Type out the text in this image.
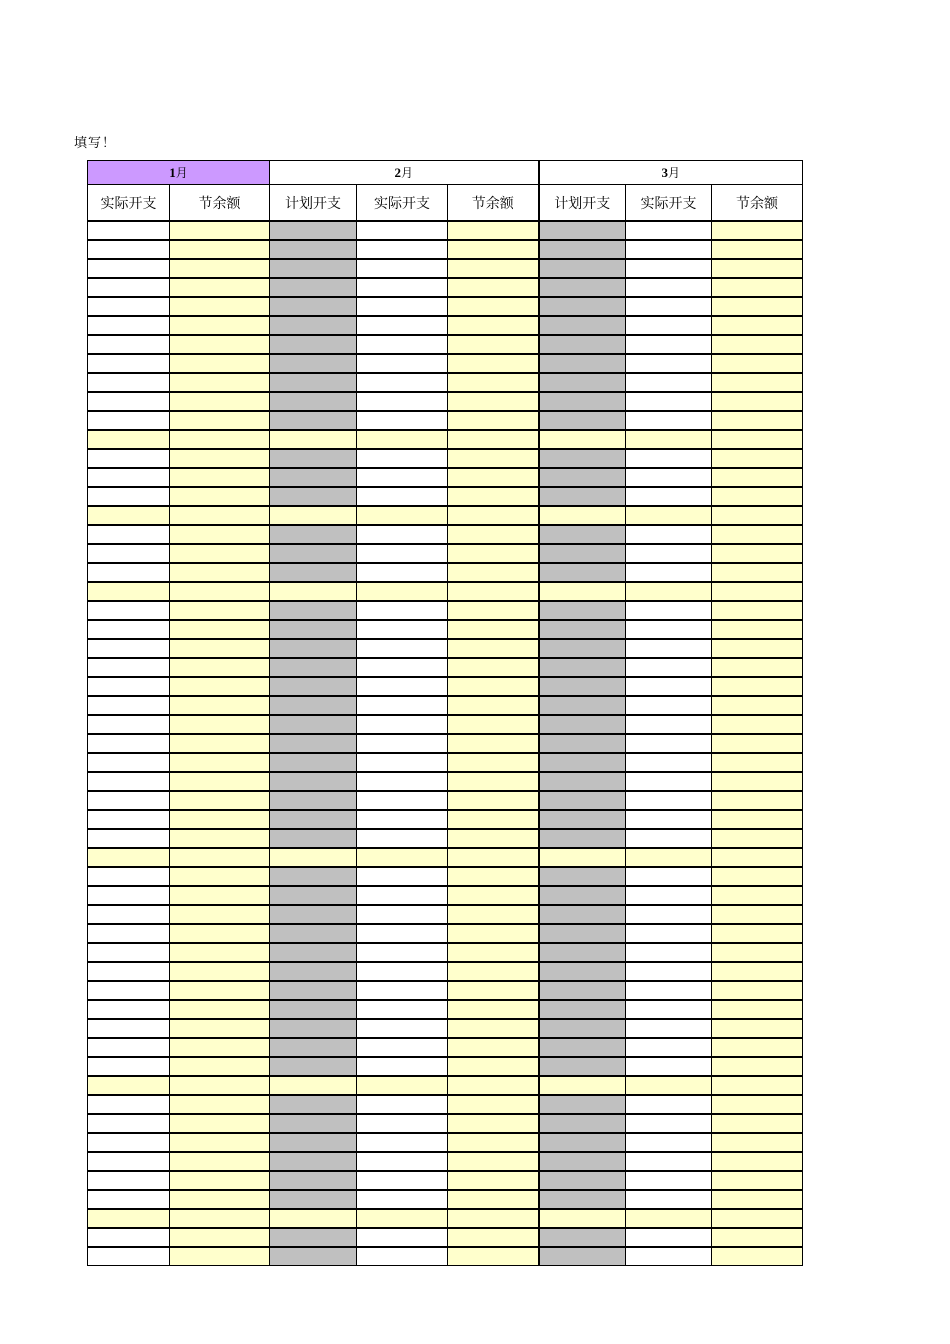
填写！
1月		2月			3月		
实际开支	节余额	计划开支	实际开支	节余额	计划开支	实际开支	节余额
